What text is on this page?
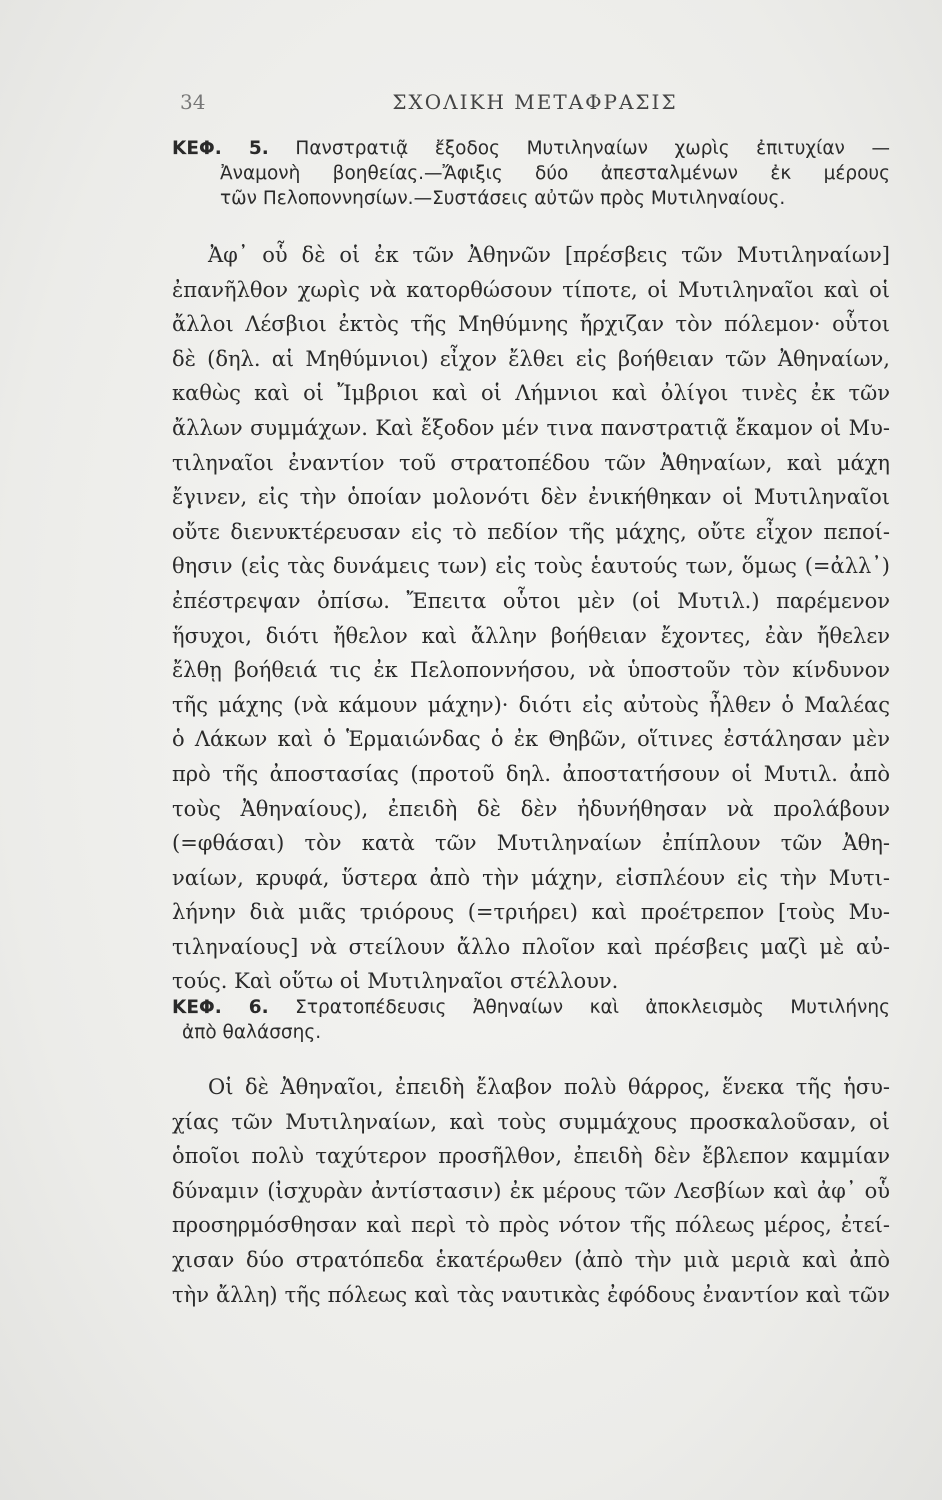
34	ΣΧΟΛΙΚΗ ΜΕΤΑΦΡΑΣΙΣ

ΚΕΦ. 5. Πανστρατιᾷ ἔξοδος Μυτιληναίων χωρὶς ἐπιτυχίαν —

Ἀναμονὴ βοηθείας.—Ἄφιξις δύο ἀπεσταλμένων ἐκ μέρους

τῶν Πελοποννησίων.—Συστάσεις αὐτῶν πρὸς Μυτιληναίους.

Ἀφ᾽ οὗ δὲ οἱ ἐκ τῶν Ἀθηνῶν [πρέσβεις τῶν Μυτιληναίων]

ἐπανῆλθον χωρὶς νὰ κατορθώσουν τίποτε, οἱ Μυτιληναῖοι καὶ οἱ

ἄλλοι Λέσβιοι ἐκτὸς τῆς Μηθύμνης ἤρχιζαν τὸν πόλεμον· οὗτοι

δὲ (δηλ. αἱ Μηθύμνιοι) εἶχον ἔλθει εἰς βοήθειαν τῶν Ἀθηναίων,

καθὼς καὶ οἱ Ἴμβριοι καὶ οἱ Λήμνιοι καὶ ὀλίγοι τινὲς ἐκ τῶν

ἄλλων συμμάχων. Καὶ ἔξοδον μέν τινα πανστρατιᾷ ἔκαμον οἱ Μυ-

τιληναῖοι ἐναντίον τοῦ στρατοπέδου τῶν Ἀθηναίων, καὶ μάχη

ἔγινεν, εἰς τὴν ὁποίαν μολονότι δὲν ἐνικήθηκαν οἱ Μυτιληναῖοι

οὔτε διενυκτέρευσαν εἰς τὸ πεδίον τῆς μάχης, οὔτε εἶχον πεποί-

θησιν (εἰς τὰς δυνάμεις των) εἰς τοὺς ἑαυτούς των, ὅμως (=ἀλλ᾽)

ἐπέστρεψαν ὀπίσω. Ἔπειτα οὗτοι μὲν (οἱ Μυτιλ.) παρέμενον

ἥσυχοι, διότι ἤθελον καὶ ἄλλην βοήθειαν ἔχοντες, ἐὰν ἤθελεν

ἔλθῃ βοήθειά τις ἐκ Πελοποννήσου, νὰ ὑποστοῦν τὸν κίνδυνον

τῆς μάχης (νὰ κάμουν μάχην)· διότι εἰς αὐτοὺς ἦλθεν ὁ Μαλέας

ὁ Λάκων καὶ ὁ Ἑρμαιώνδας ὁ ἐκ Θηβῶν, οἵτινες ἐστάλησαν μὲν

πρὸ τῆς ἀποστασίας (προτοῦ δηλ. ἀποστατήσουν οἱ Μυτιλ. ἀπὸ

τοὺς Ἀθηναίους), ἐπειδὴ δὲ δὲν ἠδυνήθησαν νὰ προλάβουν

(=φθάσαι) τὸν κατὰ τῶν Μυτιληναίων ἐπίπλουν τῶν Ἀθη-

ναίων, κρυφά, ὕστερα ἀπὸ τὴν μάχην, εἰσπλέουν εἰς τὴν Μυτι-

λήνην διὰ μιᾶς τριόρους (=τριήρει) καὶ προέτρεπον [τοὺς Μυ-

τιληναίους] νὰ στείλουν ἄλλο πλοῖον καὶ πρέσβεις μαζὶ μὲ αὐ-

τούς. Καὶ οὕτω οἱ Μυτιληναῖοι στέλλουν.

ΚΕΦ. 6. Στρατοπέδευσις Ἀθηναίων καὶ ἀποκλεισμὸς Μυτιλήνης

ἀπὸ θαλάσσης.

Οἱ δὲ Ἀθηναῖοι, ἐπειδὴ ἔλαβον πολὺ θάρρος, ἕνεκα τῆς ἡσυ-

χίας τῶν Μυτιληναίων, καὶ τοὺς συμμάχους προσκαλοῦσαν, οἱ

ὁποῖοι πολὺ ταχύτερον προσῆλθον, ἐπειδὴ δὲν ἔβλεπον καμμίαν

δύναμιν (ἰσχυρὰν ἀντίστασιν) ἐκ μέρους τῶν Λεσβίων καὶ ἀφ᾽ οὗ

προσηρμόσθησαν καὶ περὶ τὸ πρὸς νότον τῆς πόλεως μέρος, ἐτεί-

χισαν δύο στρατόπεδα ἑκατέρωθεν (ἀπὸ τὴν μιὰ μεριὰ καὶ ἀπὸ

τὴν ἄλλη) τῆς πόλεως καὶ τὰς ναυτικὰς ἐφόδους ἐναντίον καὶ τῶν
